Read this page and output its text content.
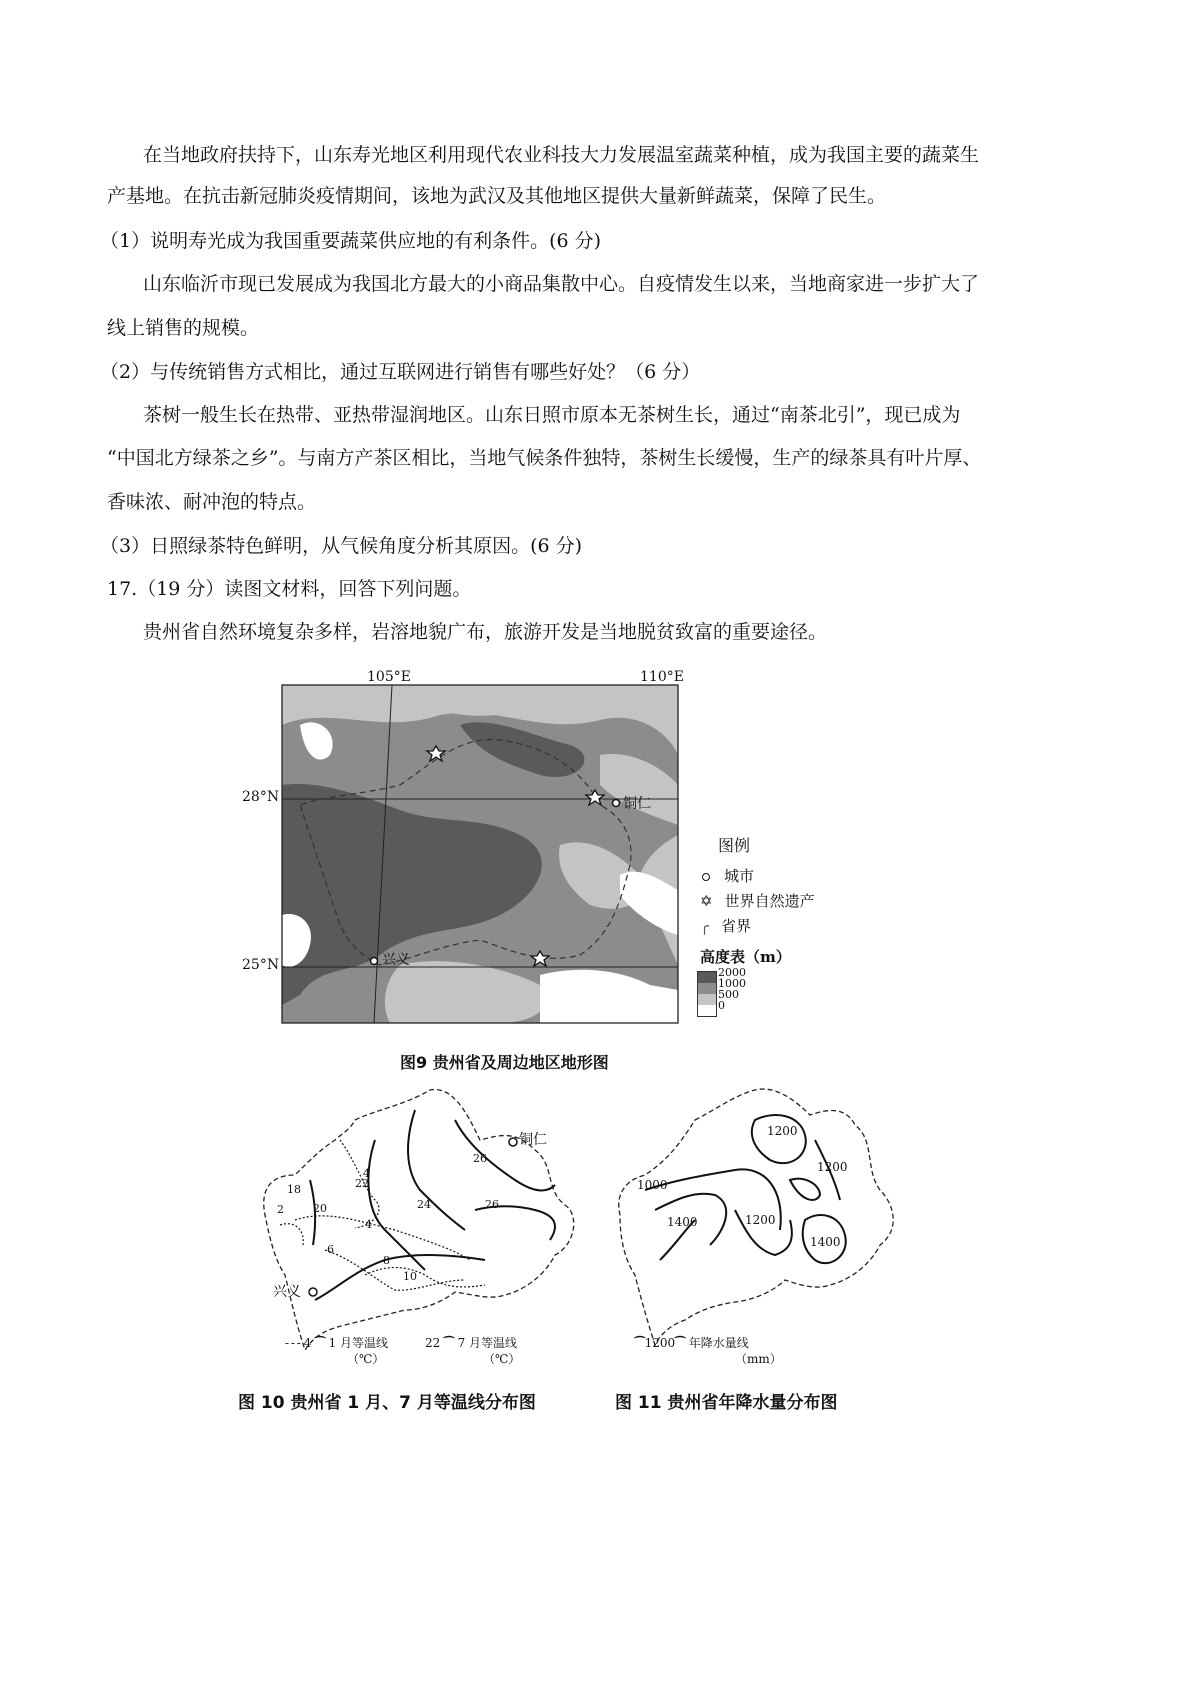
在当地政府扶持下，山东寿光地区利用现代农业科技大力发展温室蔬菜种植，成为我国主要的蔬菜生
产基地。在抗击新冠肺炎疫情期间，该地为武汉及其他地区提供大量新鲜蔬菜，保障了民生。
（1）说明寿光成为我国重要蔬菜供应地的有利条件。(6 分)
山东临沂市现已发展成为我国北方最大的小商品集散中心。自疫情发生以来，当地商家进一步扩大了
线上销售的规模。
（2）与传统销售方式相比，通过互联网进行销售有哪些好处？（6 分）
茶树一般生长在热带、亚热带湿润地区。山东日照市原本无茶树生长，通过“南茶北引”，现已成为
“中国北方绿茶之乡”。与南方产茶区相比，当地气候条件独特，茶树生长缓慢，生产的绿茶具有叶片厚、
香味浓、耐冲泡的特点。
（3）日照绿茶特色鲜明，从气候角度分析其原因。(6 分)
17.（19 分）读图文材料，回答下列问题。
贵州省自然环境复杂多样，岩溶地貌广布，旅游开发是当地脱贫致富的重要途径。
105°E	110°E
28°N
25°N
铜仁
兴义
图例
城市
✡ 世界自然遗产
╭ 省界
高度表（m）
2000
1000
500
0
图9 贵州省及周边地区地形图
铜仁
兴义
2
4
4
6
8
10
18
20
22
24
26
26
- - - 4 ⁀ 1 月等温线
（℃）
22 ⁀ 7 月等温线
（℃）
1200
1200
1000
1200
1400
1400
⁀1200⁀ 年降水量线
（mm）
图 10 贵州省 1 月、7 月等温线分布图	图 11 贵州省年降水量分布图
